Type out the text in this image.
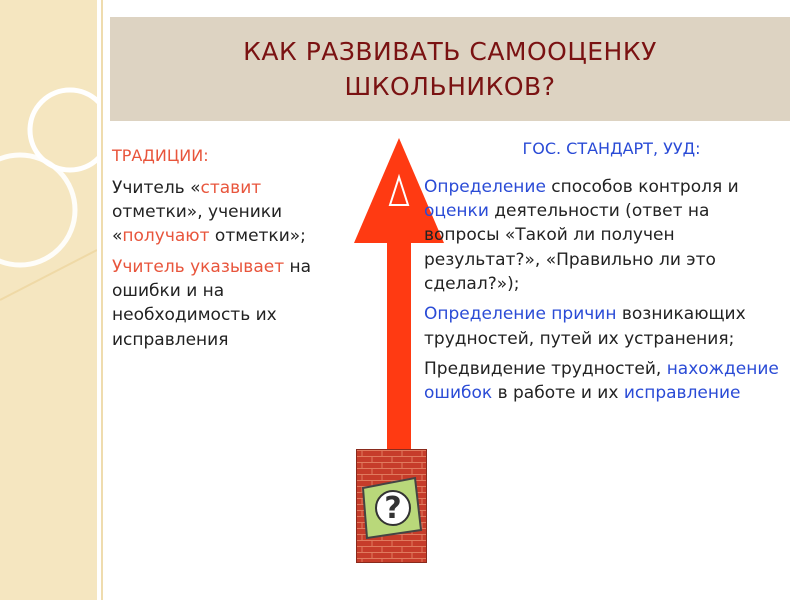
КАК РАЗВИВАТЬ САМООЦЕНКУ ШКОЛЬНИКОВ?

ТРАДИЦИИ:

Учитель «ставит отметки», ученики «получают отметки»;

Учитель указывает на ошибки и на необходимость их исправления

?

ГОС. СТАНДАРТ, УУД:

Определение способов контроля и оценки деятельности (ответ на вопросы «Такой ли получен результат?», «Правильно ли это сделал?»);

Определение причин возникающих трудностей, путей их устранения;

Предвидение трудностей, нахождение ошибок в работе и их исправление
